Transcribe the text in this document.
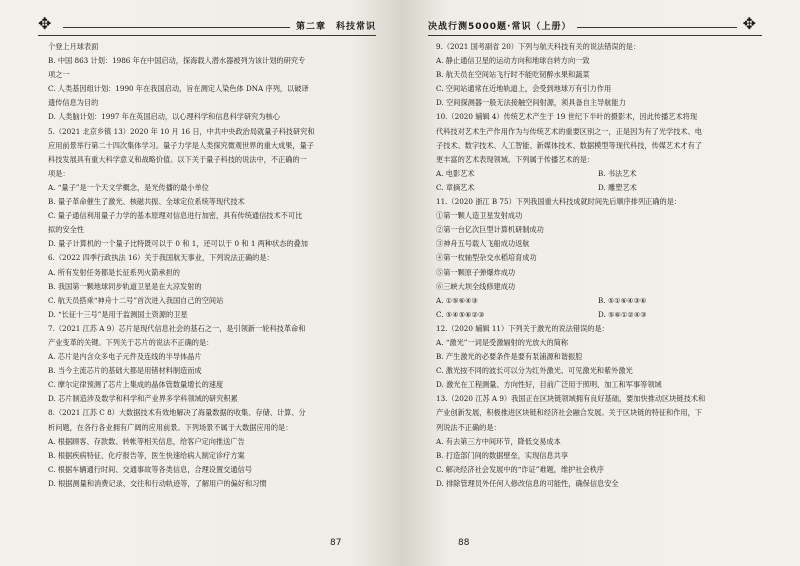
✥	第二章　科技常识
个登上月球表面
B. 中国 863 计划：1986 年在中国启动，探海载人潜水器被列为该计划的研究专
项之一
C. 人类基因组计划：1990 年在我国启动，旨在测定人染色体 DNA 序列，以破译
遗传信息为目的
D. 人类脑计划：1997 年在英国启动，以心理科学和信息科学研究为核心
5.（2021 北京乡镇 13）2020 年 10 月 16 日，中共中央政治局就量子科技研究和
应用前景举行第二十四次集体学习。量子力学是人类探究微观世界的重大成果，量子
科技发展具有重大科学意义和战略价值。以下关于量子科技的说法中，不正确的一
项是：
A. “量子”是一个天文学概念，是光传播的最小单位
B. 量子革命催生了激光、核磁共振、全球定位系统等现代技术
C. 量子通信利用量子力学的基本原理对信息进行加密，具有传统通信技术不可比
拟的安全性
D. 量子计算机的一个量子比特既可以于 0 和 1，还可以于 0 和 1 两种状态的叠加
6.（2022 四季行政执法 16）关于我国航天事业，下列说法正确的是：
A. 所有发射任务都是长征系列火箭承担的
B. 我国第一颗地球同步轨道卫星是在大凉发射的
C. 航天员搭乘“神舟十二号”首次进入我国自己的空间站
D. “长征十三号”是用于监测国土资源的卫星
7.（2021 江苏 A 9）芯片是现代信息社会的基石之一，是引领新一轮科技革命和
产业变革的关键。下列关于芯片的说法不正确的是：
A. 芯片是内含众多电子元件及连线的半导体晶片
B. 当今主流芯片的基础大都是用锗材料制造而成
C. 摩尔定律预测了芯片上集成的晶体管数量增长的速度
D. 芯片制造涉及数学和科学和产业界多学科领域的研究积累
8.（2021 江苏 C 8）大数据技术有效地解决了海量数据的收集、存储、计算、分
析问题，在各行各业拥有广阔的应用前景。下列场景不属于大数据应用的是：
A. 根据顾客、存款数、转帐等相关信息，给客户定向推送广告
B. 根据疾病特征、化疗报告等，医生快速给病人制定诊疗方案
C. 根据车辆通行时间、交通事故等各类信息，合理设置交通信号
D. 根据测量和消费记录、交往和行动轨迹等，了解用户的偏好和习惯
87
决战行测5000题·常识（上册）	✥
9.（2021 国考副省 20）下列与航天科技有关的说法错误的是：
A. 静止通信卫星的运动方向和地球自转方向一致
B. 航天员在空间站飞行时不能吃韧醉水果和蔬菜
C. 空间站通常在近地轨道上，会受到地球万有引力作用
D. 空间探测器一般无法接触空间射源，须具备自主导航能力
10.（2020 辅辑 4）传统艺术产生于 19 世纪下半叶的摄影术，因此传播艺术将现
代科技对艺术生产作用作为与传统艺术的重要区别之一，正是因为有了光学技术、电
子技术、数字技术、人工智能、新媒体技术、数据模型等现代科技，传媒艺术才有了
更丰富的艺术表现领域。下列属于传播艺术的是：
A. 电影艺术	B. 书法艺术
C. 章摘艺术	D. 雕塑艺术
11.（2020 浙江 B 75）下列我国重大科技成就时间先后顺序排列正确的是：
①第一颗人造卫星发射成功
②第一台亿次巨型计算机研制成功
③神舟五号载人飞船成功返航
④第一枚轴型杂交水稻培育成功
⑤第一颗原子弹爆炸成功
⑥三峡大坝全线修建成功
A. ①⑤⑥④③	B. ⑤①⑥④③⑥
C. ⑤④⑤⑥②③	D. ⑤⑥①②④③
12.（2020 辅辑 11）下列关于激光的说法错误的是：
A. “激光”一词是受激辐射的光放大的简称
B. 产生激光的必要条件是要有泵浦源和谐振腔
C. 激光按不同的波长可以分为红外激光、可见激光和紫外激光
D. 激光在工程测量、方向性好，目前广泛用于照明、加工和军事等领域
13.（2020 江苏 A 9）我国正在区块链领域拥有良好基础，要加快推动区块链技术和
产业创新发展，积极推进区块链和经济社会融合发展。关于区块链的特征和作用，下
列说法不正确的是：
A. 有去第三方中间环节，降低交易成本
B. 打造部门间的数据壁垒，实现信息共享
C. 解决经济社会发展中的“诈证”难题，维护社会秩序
D. 排除管理员外任何人修改信息的可能性，确保信息安全
88
